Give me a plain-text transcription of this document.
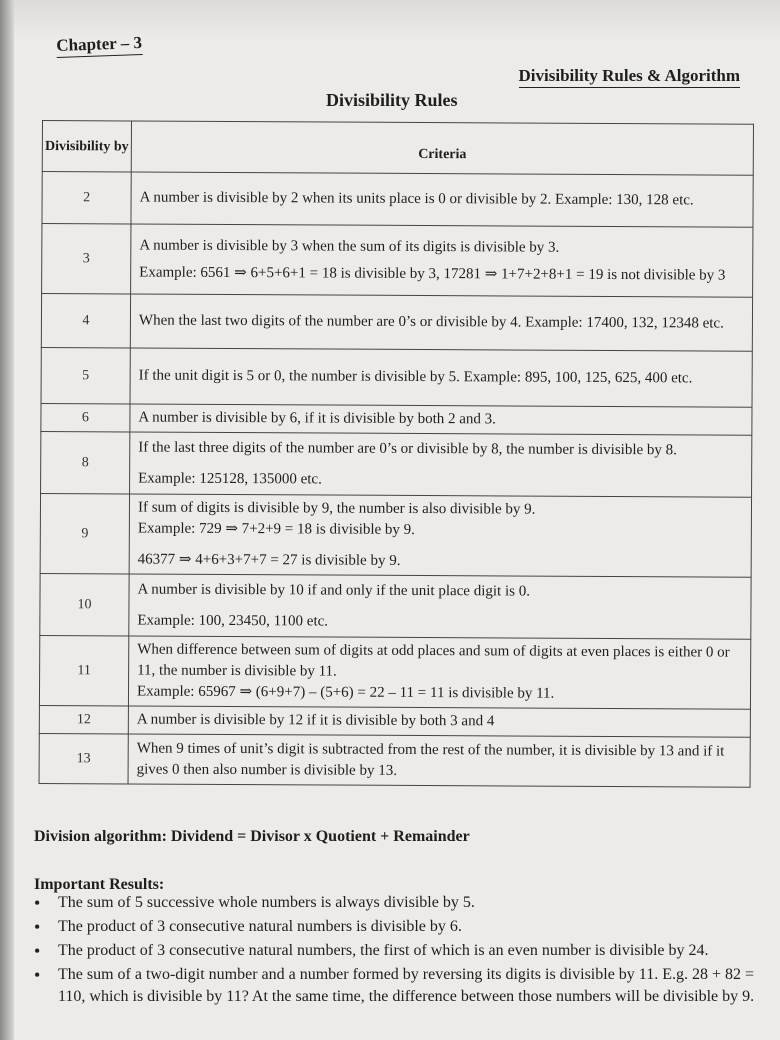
Chapter – 3
Divisibility Rules & Algorithm
Divisibility Rules
Divisibility by	Criteria
2	A number is divisible by 2 when its units place is 0 or divisible by 2. Example: 130, 128 etc.

3	A number is divisible by 3 when the sum of its digits is divisible by 3.

Example: 6561 ⇒ 6+5+6+1 = 18 is divisible by 3, 17281 ⇒ 1+7+2+8+1 = 19 is not divisible by 3

4	When the last two digits of the number are 0’s or divisible by 4. Example: 17400, 132, 12348 etc.

5	If the unit digit is 5 or 0, the number is divisible by 5. Example: 895, 100, 125, 625, 400 etc.

6	A number is divisible by 6, if it is divisible by both 2 and 3.

8	If the last three digits of the number are 0’s or divisible by 8, the number is divisible by 8.

Example: 125128, 135000 etc.

9	If sum of digits is divisible by 9, the number is also divisible by 9.

Example: 729 ⇒ 7+2+9 = 18 is divisible by 9.

46377 ⇒ 4+6+3+7+7 = 27 is divisible by 9.

10	A number is divisible by 10 if and only if the unit place digit is 0.

Example: 100, 23450, 1100 etc.

11	When difference between sum of digits at odd places and sum of digits at even places is either 0 or 11, the number is divisible by 11.

Example: 65967 ⇒ (6+9+7) – (5+6) = 22 – 11 = 11 is divisible by 11.

12	A number is divisible by 12 if it is divisible by both 3 and 4

13	When 9 times of unit’s digit is subtracted from the rest of the number, it is divisible by 13 and if it gives 0 then also number is divisible by 13.

Division algorithm: Dividend = Divisor x Quotient + Remainder
Important Results:
• The sum of 5 successive whole numbers is always divisible by 5.
• The product of 3 consecutive natural numbers is divisible by 6.
• The product of 3 consecutive natural numbers, the first of which is an even number is divisible by 24.
• The sum of a two-digit number and a number formed by reversing its digits is divisible by 11. E.g. 28 + 82 = 110, which is divisible by 11? At the same time, the difference between those numbers will be divisible by 9.
